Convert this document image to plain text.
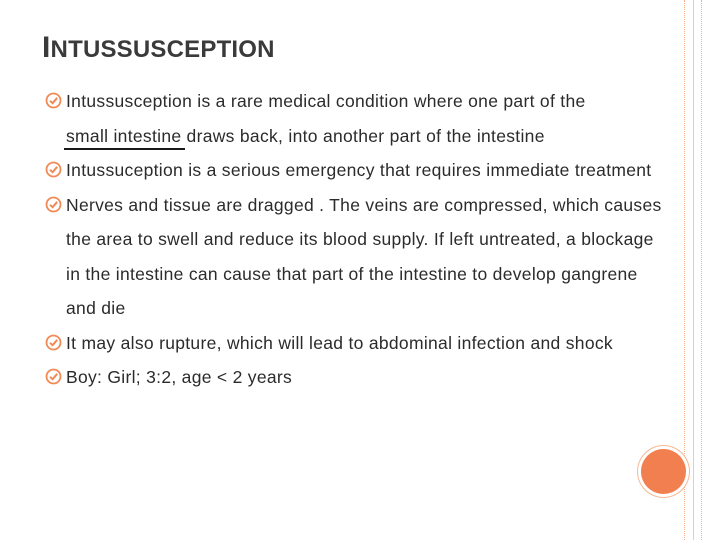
INTUSSUSCEPTION
Intussusception is a rare medical condition where one part of the small intestine draws back, into another part of the intestine
Intussuception is a serious emergency that requires immediate treatment
Nerves and tissue are dragged . The veins are compressed, which causes the area to swell and reduce its blood supply. If left untreated, a blockage in the intestine can cause that part of the intestine to develop gangrene and die
It may also rupture, which will lead to abdominal infection and shock
Boy: Girl; 3:2, age < 2 years
